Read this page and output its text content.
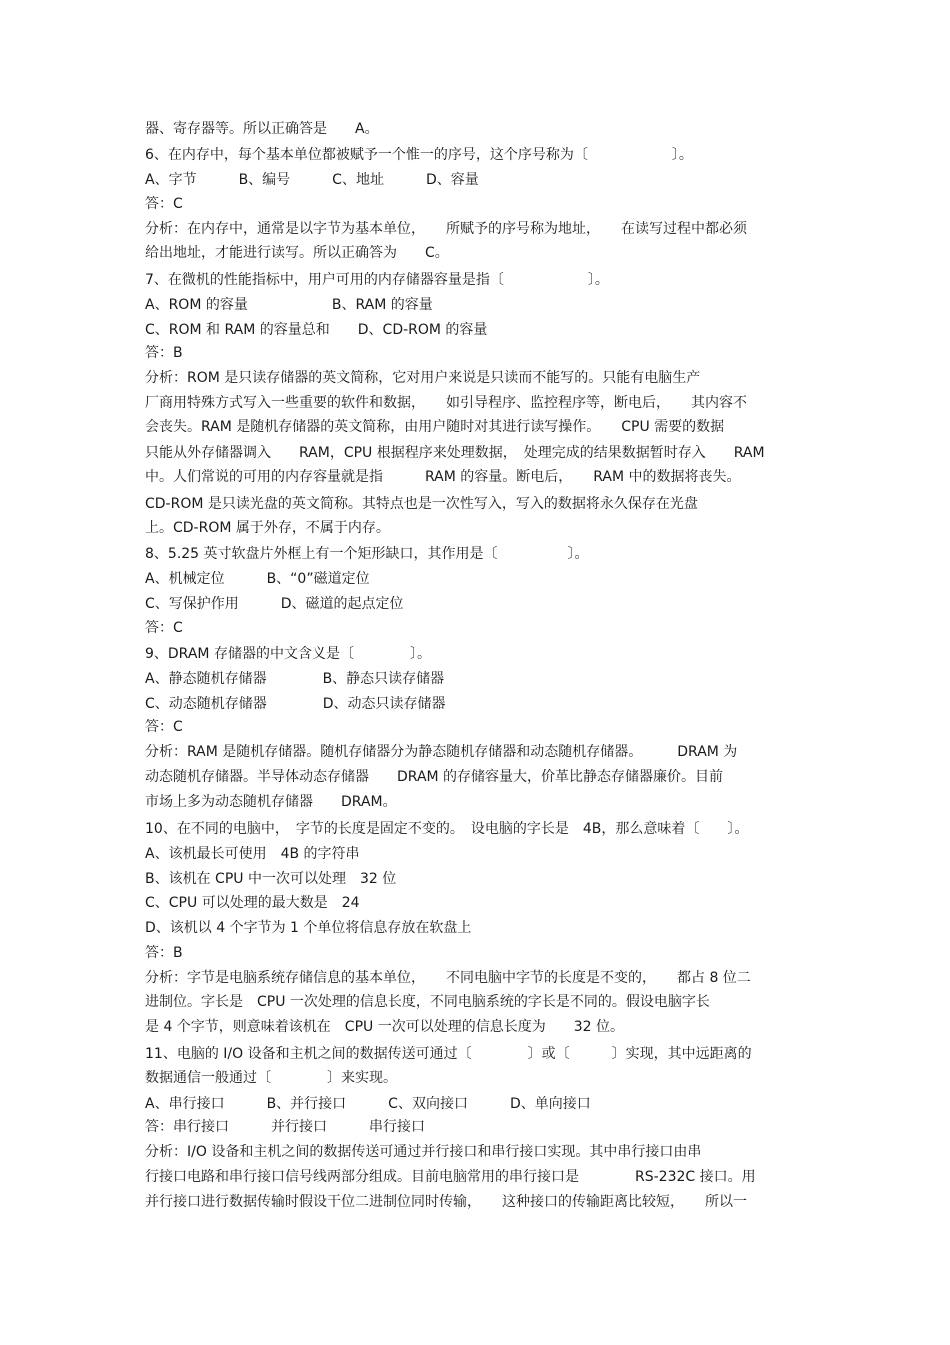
器、寄存器等。所以正确答是　　A。

6、在内存中，每个基本单位都被赋予一个惟一的序号，这个序号称为〔　　　　　　〕。

A、字节　　　B、编号　　　C、地址　　　D、容量

答：C

分析：在内存中，通常是以字节为基本单位，　　所赋予的序号称为地址，　　在读写过程中都必须

给出地址，才能进行读写。所以正确答为　　C。

7、在微机的性能指标中，用户可用的内存储器容量是指〔　　　　　　〕。

A、ROM 的容量　　　　　　B、RAM 的容量

C、ROM 和 RAM 的容量总和　　D、CD-ROM 的容量

答：B

分析：ROM 是只读存储器的英文简称，它对用户来说是只读而不能写的。只能有电脑生产

厂商用特殊方式写入一些重要的软件和数据，　　如引导程序、监控程序等，断电后，　　其内容不

会丧失。RAM 是随机存储器的英文简称，由用户随时对其进行读写操作。　　CPU 需要的数据

只能从外存储器调入　　RAM，CPU 根据程序来处理数据，　处理完成的结果数据暂时存入　　RAM

中。人们常说的可用的内存容量就是指　　　RAM 的容量。断电后，　　RAM 中的数据将丧失。

CD-ROM 是只读光盘的英文简称。其特点也是一次性写入，写入的数据将永久保存在光盘

上。CD-ROM 属于外存，不属于内存。

8、5.25 英寸软盘片外框上有一个矩形缺口，其作用是〔　　　　　〕。

A、机械定位　　　B、“0”磁道定位

C、写保护作用　　　D、磁道的起点定位

答：C

9、DRAM 存储器的中文含义是〔　　　　〕。

A、静态随机存储器　　　　B、静态只读存储器

C、动态随机存储器　　　　D、动态只读存储器

答：C

分析：RAM 是随机存储器。随机存储器分为静态随机存储器和动态随机存储器。　　　DRAM 为

动态随机存储器。半导体动态存储器　　DRAM 的存储容量大，价革比静态存储器廉价。目前

市场上多为动态随机存储器　　DRAM。

10、在不同的电脑中，　字节的长度是固定不变的。　设电脑的字长是　4B，那么意味着〔　　〕。

A、该机最长可使用　4B 的字符串

B、该机在 CPU 中一次可以处理　32 位

C、CPU 可以处理的最大数是　24

D、该机以 4 个字节为 1 个单位将信息存放在软盘上

答：B

分析：字节是电脑系统存储信息的基本单位，　　不同电脑中字节的长度是不变的，　　都占 8 位二

进制位。字长是　CPU 一次处理的信息长度，不同电脑系统的字长是不同的。假设电脑字长

是 4 个字节，则意味着该机在　CPU 一次可以处理的信息长度为　　32 位。

11、电脑的 I/O 设备和主机之间的数据传送可通过〔　　　　〕或〔　　　〕实现，其中远距离的

数据通信一般通过〔　　　　〕来实现。

A、串行接口　　　B、并行接口　　　C、双向接口　　　D、单向接口

答：串行接口　　　并行接口　　　串行接口

分析：I/O 设备和主机之间的数据传送可通过并行接口和串行接口实现。其中串行接口由串

行接口电路和串行接口信号线两部分组成。目前电脑常用的串行接口是　　　　RS-232C 接口。用

并行接口进行数据传输时假设干位二进制位同时传输，　　这种接口的传输距离比较短，　　所以一
